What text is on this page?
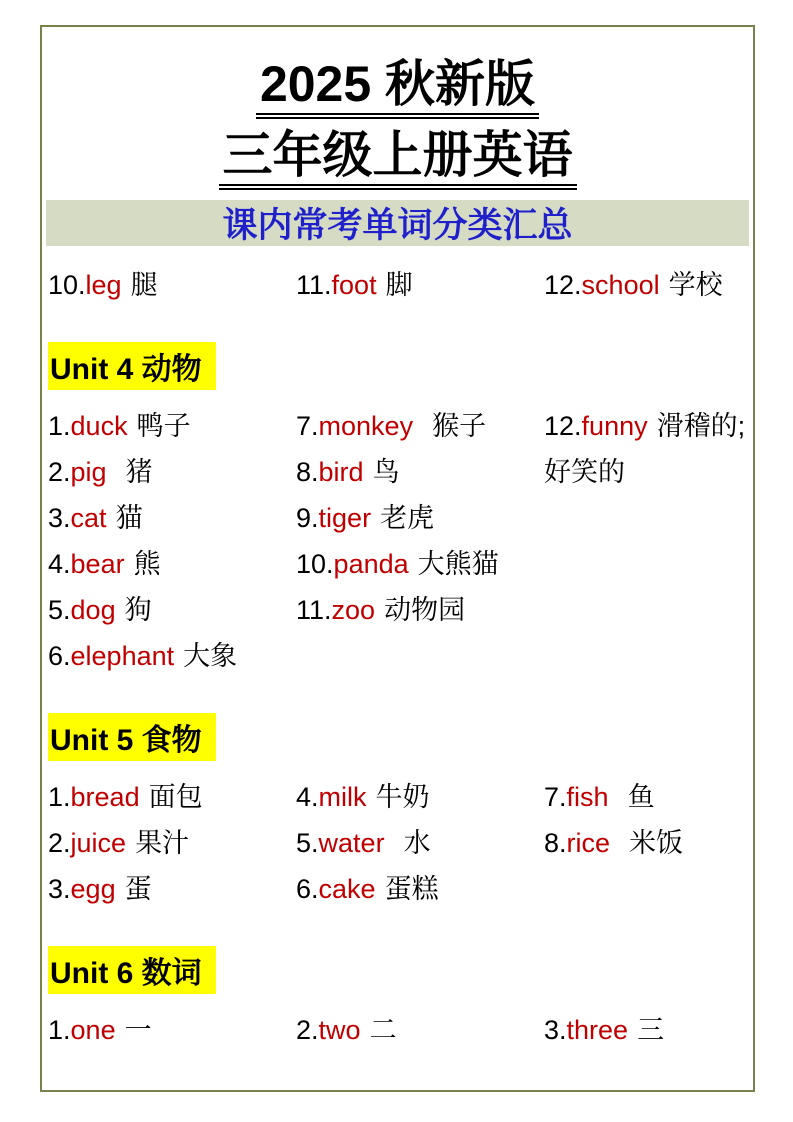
2025 秋新版
三年级上册英语
课内常考单词分类汇总
10.leg 腿	11.foot 脚	12.school 学校
Unit 4 动物
1.duck 鸭子	7.monkey 猴子	12.funny 滑稽的;
2.pig 猪	8.bird 鸟	好笑的
3.cat 猫	9.tiger 老虎
4.bear 熊	10.panda 大熊猫
5.dog 狗	11.zoo 动物园
6.elephant 大象
Unit 5 食物
1.bread 面包	4.milk 牛奶	7.fish 鱼
2.juice 果汁	5.water 水	8.rice 米饭
3.egg 蛋	6.cake 蛋糕
Unit 6 数词
1.one 一	2.two 二	3.three 三
